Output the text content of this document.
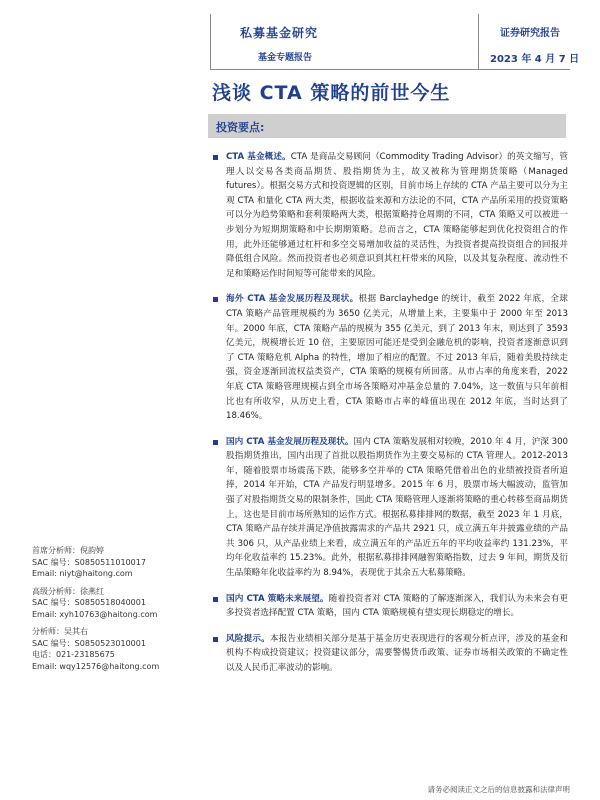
私募基金研究
基金专题报告
证券研究报告
2023 年 4 月 7 日
浅谈 CTA 策略的前世今生
投资要点:
CTA 基金概述。CTA 是商品交易顾问（Commodity Trading Advisor）的英文缩写，管理人以交易各类商品期货、股指期货为主，故又被称为管理期货策略（Managed futures）。根据交易方式和投资逻辑的区别，目前市场上存续的 CTA 产品主要可以分为主观 CTA 和量化 CTA 两大类，根据收益来源和方法论的不同，CTA 产品所采用的投资策略可以分为趋势策略和套利策略两大类，根据策略持仓周期的不同，CTA 策略又可以被进一步划分为短期期策略和中长期期策略。总而言之，CTA 策略能够起到优化投资组合的作用，此外还能够通过杠杆和多空交易增加收益的灵活性，为投资者提高投资组合的回报并降低组合风险。然而投资者也必须意识到其杠杆带来的风险，以及其复杂程度、流动性不足和策略运作时间短等可能带来的风险。
海外 CTA 基金发展历程及现状。根据 Barclayhedge 的统计，截至 2022 年底，全球 CTA 策略产品管理规模约为 3650 亿美元，从增量上来，主要集中于 2000 年至 2013 年。2000 年底，CTA 策略产品的规模为 355 亿美元，到了 2013 年末，则达到了 3593 亿美元，规模增长近 10 倍，主要原因可能还是受到金融危机的影响，投资者逐渐意识到了 CTA 策略危机 Alpha 的特性，增加了相应的配置。不过 2013 年后，随着美股持续走强，资金逐渐回流权益类资产，CTA 策略的规模有所回落。从市占率的角度来看，2022 年底 CTA 策略管理规模占到全市场各策略对冲基金总量的 7.04%，这一数值与只年前相比也有所收窄，从历史上看，CTA 策略市占率的峰值出现在 2012 年底，当时达到了 18.46%。
国内 CTA 基金发展历程及现状。国内 CTA 策略发展相对较晚，2010 年 4 月，沪深 300 股指期货推出，国内出现了首批以股指期货作为主要交易标的 CTA 管理人。2012-2013 年，随着股票市场震荡下跌，能够多空并举的 CTA 策略凭借着出色的业绩被投资者所追捧，2014 年开始，CTA 产品发行明显增多。2015 年 6 月，股票市场大幅波动，监管加强了对股指期货交易的限制条件，国此 CTA 策略管理人逐渐将策略的重心转移至商品期货上，这也是目前市场所熟知的运作方式。根据私募排排网的数据，截至 2023 年 1 月底，CTA 策略产品存续并满足净值披露需求的产品共 2921 只，成立满五年并披露业绩的产品共 306 只，从产品业绩上来看，成立满五年的产品近五年的平均收益率约 131.23%，平均年化收益率约 15.23%。此外，根据私募排排网融智策略指数，过去 9 年间，期货及衍生品策略年化收益率约为 8.94%，表现优于其余五大私募策略。
国内 CTA 策略未来展望。随着投资者对 CTA 策略的了解逐渐深入，我们认为未来会有更多投资者选择配置 CTA 策略，国内 CTA 策略规模有望实现长期稳定的增长。
风险提示。本报告业绩相关部分是基于基金历史表现进行的客观分析点评，涉及的基金和机构不构成投资建议；投资建议部分，需要警惕货币政策、证券市场相关政策的不确定性以及人民币汇率波动的影响。
首席分析师：倪韵婷
SAC 编号：S0850511010017
Email: niyt@haitong.com
高级分析师：徐燕红
SAC 编号：S0850518040001
Email: xyh10763@haitong.com
分析师：吴其右
SAC 编号：S0850523010001
电话：021-23185675
Email: wqy12576@haitong.com
请务必阅读正文之后的信息披露和法律声明
